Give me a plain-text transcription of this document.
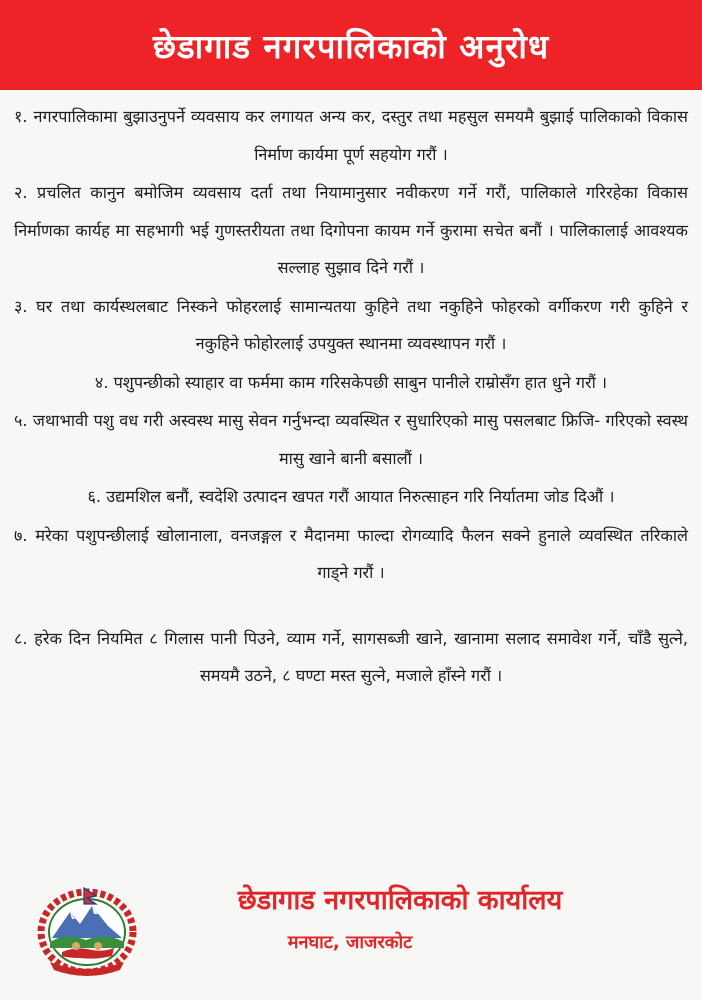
छेडागाड नगरपालिकाको अनुरोध

१. नगरपालिकामा बुझाउनुपर्ने व्यवसाय कर लगायत अन्य कर, दस्तुर तथा महसुल समयमै बुझाई पालिकाको विकास निर्माण कार्यमा पूर्ण सहयोग गरौं ।

२. प्रचलित कानुन बमोजिम व्यवसाय दर्ता तथा नियामानुसार नवीकरण गर्ने गरौं, पालिकाले गरिरहेका विकास निर्माणका कार्यह मा सहभागी भई गुणस्तरीयता तथा दिगोपना कायम गर्ने कुरामा सचेत बनौं । पालिकालाई आवश्यक सल्लाह सुझाव दिने गरौं ।

३. घर तथा कार्यस्थलबाट निस्कने फोहरलाई सामान्यतया कुहिने तथा नकुहिने फोहरको वर्गीकरण गरी कुहिने र नकुहिने फोहोरलाई उपयुक्त स्थानमा व्यवस्थापन गरौं ।

४. पशुपन्छीको स्याहार वा फर्ममा काम गरिसकेपछी साबुन पानीले राम्रोसँग हात धुने गरौं ।

५. जथाभावी पशु वध गरी अस्वस्थ मासु सेवन गर्नुभन्दा व्यवस्थित र सुधारिएको मासु पसलबाट फ्रिजि- गरिएको स्वस्थ मासु खाने बानी बसालौं ।

६. उद्यमशिल बनौं, स्वदेशि उत्पादन खपत गरौं आयात निरुत्साहन गरि निर्यातमा जोड दिऔं ।

७. मरेका पशुपन्छीलाई खोलानाला, वनजङ्गल र मैदानमा फाल्दा रोगव्यादि फैलन सक्ने हुनाले व्यवस्थित तरिकाले गाड्ने गरौं ।

८. हरेक दिन नियमित ८ गिलास पानी पिउने, व्याम गर्ने, सागसब्जी खाने, खानामा सलाद समावेश गर्ने, चाँडै सुत्ने, समयमै उठने, ८ घण्टा मस्त सुत्ने, मजाले हाँस्ने गरौं ।

छेडागाड नगरपालिकाको कार्यालय
मनघाट, जाजरकोट
